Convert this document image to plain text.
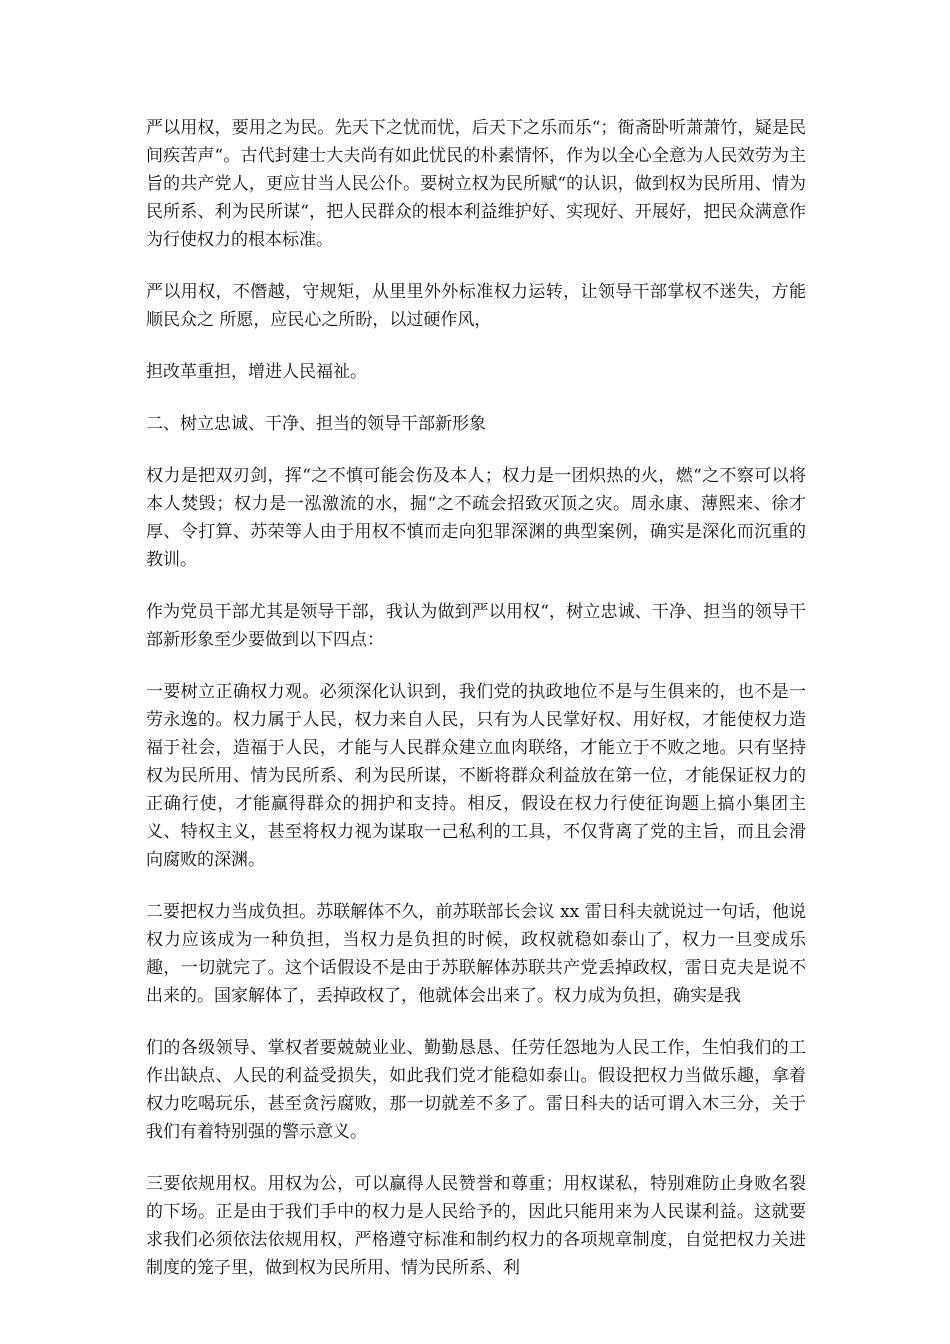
严以用权，要用之为民。先天下之忧而忧，后天下之乐而乐“；衙斋卧听萧萧竹，疑是民间疾苦声“。古代封建士大夫尚有如此忧民的朴素情怀，作为以全心全意为人民效劳为主旨的共产党人，更应甘当人民公仆。要树立权为民所赋“的认识，做到权为民所用、情为民所系、利为民所谋“，把人民群众的根本利益维护好、实现好、开展好，把民众满意作为行使权力的根本标准。

严以用权，不僭越，守规矩，从里里外外标准权力运转，让领导干部掌权不迷失，方能顺民众之 所愿，应民心之所盼，以过硬作风，

担改革重担，增进人民福祉。

二、树立忠诚、干净、担当的领导干部新形象

权力是把双刃剑，挥“之不慎可能会伤及本人；权力是一团炽热的火，燃“之不察可以将本人焚毁；权力是一泓激流的水，掘“之不疏会招致灭顶之灾。周永康、薄熙来、徐才厚、令打算、苏荣等人由于用权不慎而走向犯罪深渊的典型案例，确实是深化而沉重的教训。

作为党员干部尤其是领导干部，我认为做到严以用权“，树立忠诚、干净、担当的领导干部新形象至少要做到以下四点：

一要树立正确权力观。必须深化认识到，我们党的执政地位不是与生俱来的，也不是一劳永逸的。权力属于人民，权力来自人民，只有为人民掌好权、用好权，才能使权力造福于社会，造福于人民，才能与人民群众建立血肉联络，才能立于不败之地。只有坚持权为民所用、情为民所系、利为民所谋，不断将群众利益放在第一位，才能保证权力的正确行使，才能赢得群众的拥护和支持。相反，假设在权力行使征询题上搞小集团主义、特权主义，甚至将权力视为谋取一己私利的工具，不仅背离了党的主旨，而且会滑向腐败的深渊。

二要把权力当成负担。苏联解体不久，前苏联部长会议 xx 雷日科夫就说过一句话，他说权力应该成为一种负担，当权力是负担的时候，政权就稳如泰山了，权力一旦变成乐趣，一切就完了。这个话假设不是由于苏联解体苏联共产党丢掉政权，雷日克夫是说不出来的。国家解体了，丢掉政权了，他就体会出来了。权力成为负担，确实是我

们的各级领导、掌权者要兢兢业业、勤勤恳恳、任劳任怨地为人民工作，生怕我们的工作出缺点、人民的利益受损失，如此我们党才能稳如泰山。假设把权力当做乐趣，拿着权力吃喝玩乐，甚至贪污腐败，那一切就差不多了。雷日科夫的话可谓入木三分，关于我们有着特别强的警示意义。

三要依规用权。用权为公，可以赢得人民赞誉和尊重；用权谋私，特别难防止身败名裂的下场。正是由于我们手中的权力是人民给予的，因此只能用来为人民谋利益。这就要求我们必须依法依规用权，严格遵守标准和制约权力的各项规章制度，自觉把权力关进制度的笼子里，做到权为民所用、情为民所系、利
